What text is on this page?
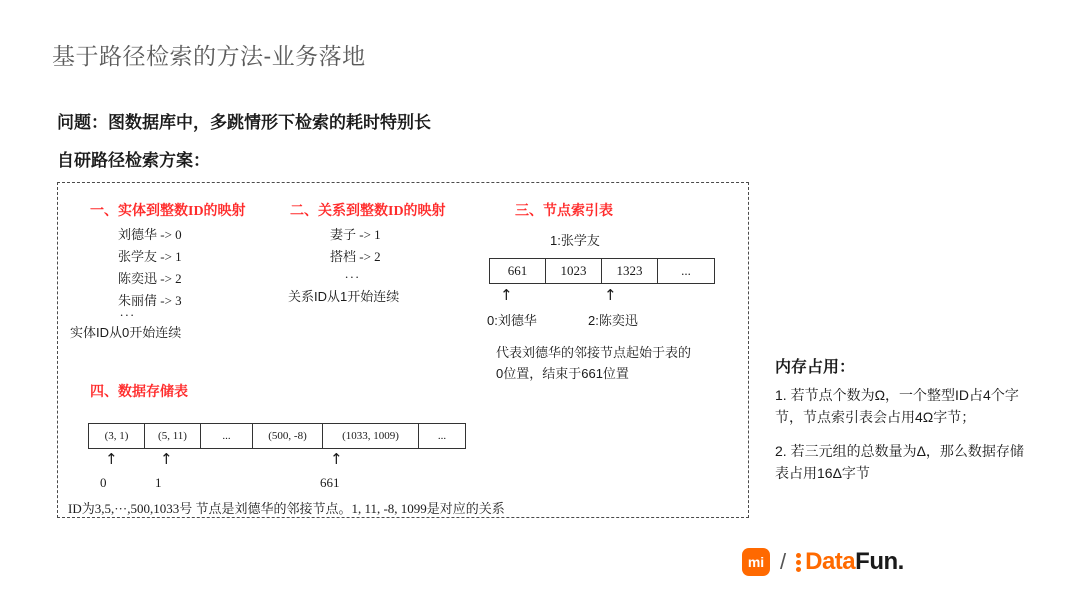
基于路径检索的方法-业务落地
问题：图数据库中，多跳情形下检索的耗时特别长
自研路径检索方案：
一、实体到整数ID的映射
刘德华 -> 0
张学友 -> 1
陈奕迅 -> 2
朱丽倩 -> 3
...
实体ID从0开始连续
二、关系到整数ID的映射
妻子 -> 1
搭档 -> 2
...
关系ID从1开始连续
三、节点索引表
1:张学友
661	1023	1323	...
↑	↑
0:刘德华	2:陈奕迅
代表刘德华的邻接节点起始于表的0位置，结束于661位置
四、数据存储表
(3, 1)	(5, 11)	...	(500, -8)	(1033, 1009)	...
↑	↑	↑
0	1	661
ID为3,5,···,500,1033号 节点是刘德华的邻接节点。1, 11, -8, 1099是对应的关系
内存占用：
1. 若节点个数为Ω，一个整型ID占4个字节，节点索引表会占用4Ω字节；
2. 若三元组的总数量为Δ，那么数据存储表占用16Δ字节
mi
/ DataFun.
